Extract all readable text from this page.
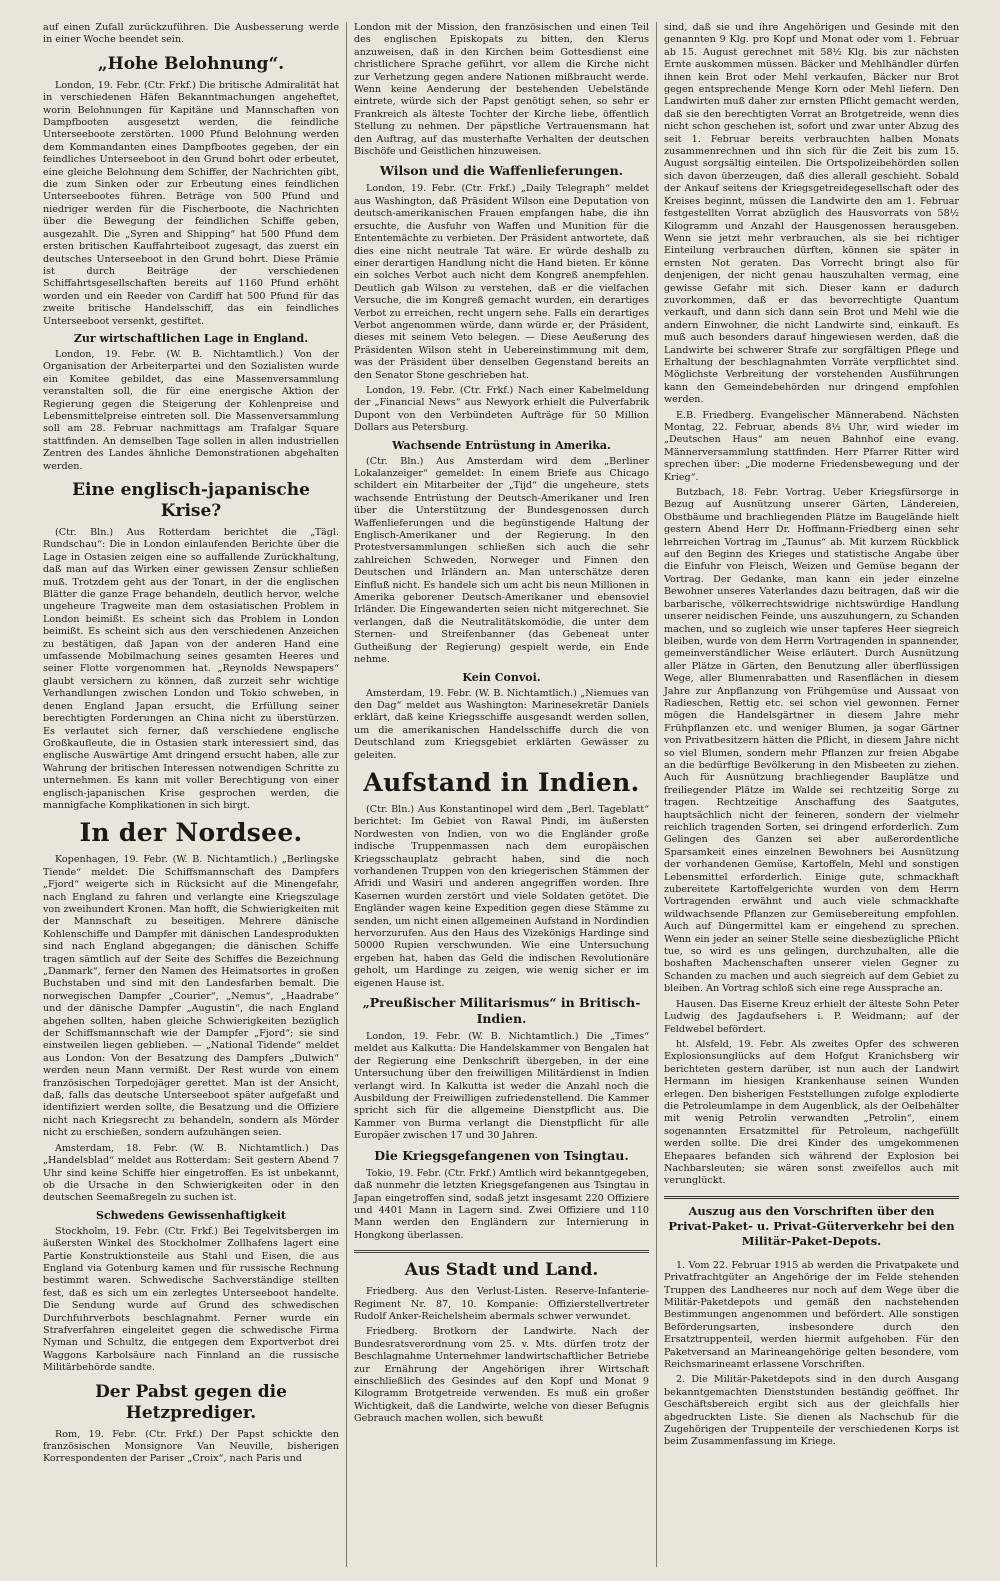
auf einen Zufall zurückzuführen. Die Ausbesserung werde in einer Woche beendet sein.

„Hohe Belohnung“.

London, 19. Febr. (Ctr. Frkf.) Die britische Admiralität hat in verschiedenen Häfen Bekanntmachungen angeheftet, worin Belohnungen für Kapitäne und Mannschaften von Dampfbooten ausgesetzt werden, die feindliche Unterseeboote zerstörten. 1000 Pfund Belohnung werden dem Kommandanten eines Dampfbootes gegeben, der ein feindliches Unterseeboot in den Grund bohrt oder erbeutet, eine gleiche Belohnung dem Schiffer, der Nachrichten gibt, die zum Sinken oder zur Erbeutung eines feindlichen Unterseebootes führen. Beträge von 500 Pfund und niedriger werden für die Fischerboote, die Nachrichten über die Bewegung der feindlichen Schiffe geben, ausgezahlt. Die „Syren and Shipping“ hat 500 Pfund dem ersten britischen Kauffahrteiboot zugesagt, das zuerst ein deutsches Unterseeboot in den Grund bohrt. Diese Prämie ist durch Beiträge der verschiedenen Schiffahrtsgesellschaften bereits auf 1160 Pfund erhöht worden und ein Reeder von Cardiff hat 500 Pfund für das zweite britische Handelsschiff, das ein feindliches Unterseeboot versenkt, gestiftet.

Zur wirtschaftlichen Lage in England.

London, 19. Febr. (W. B. Nichtamtlich.) Von der Organisation der Arbeiterpartei und den Sozialisten wurde ein Komitee gebildet, das eine Massenversammlung veranstalten soll, die für eine energische Aktion der Regierung gegen die Steigerung der Kohlenpreise und Lebensmittelpreise eintreten soll. Die Massenversammlung soll am 28. Februar nachmittags am Trafalgar Square stattfinden. An demselben Tage sollen in allen industriellen Zentren des Landes ähnliche Demonstrationen abgehalten werden.

Eine englisch-japanische Krise?

(Ctr. Bln.) Aus Rotterdam berichtet die „Tägl. Rundschau“: Die in London einlaufenden Berichte über die Lage in Ostasien zeigen eine so auffallende Zurückhaltung, daß man auf das Wirken einer gewissen Zensur schließen muß. Trotzdem geht aus der Tonart, in der die englischen Blätter die ganze Frage behandeln, deutlich hervor, welche ungeheure Tragweite man dem ostasiatischen Problem in London beimißt. Es scheint sich das Problem in London beimißt. Es scheint sich aus den verschiedenen Anzeichen zu bestätigen, daß Japan von der anderen Hand eine umfassende Mobilmachung seines gesamten Heeres und seiner Flotte vorgenommen hat. „Reynolds Newspapers“ glaubt versichern zu können, daß zurzeit sehr wichtige Verhandlungen zwischen London und Tokio schweben, in denen England Japan ersucht, die Erfüllung seiner berechtigten Forderungen an China nicht zu überstürzen. Es verlautet sich ferner, daß verschiedene englische Großkaufleute, die in Ostasien stark interessiert sind, das englische Auswärtige Amt dringend ersucht haben, alle zur Wahrung der britischen Interessen notwendigen Schritte zu unternehmen. Es kann mit voller Berechtigung von einer englisch-japanischen Krise gesprochen werden, die mannigfache Komplikationen in sich birgt.

In der Nordsee.

Kopenhagen, 19. Febr. (W. B. Nichtamtlich.) „Berlingske Tiende“ meldet: Die Schiffsmannschaft des Dampfers „Fjord“ weigerte sich in Rücksicht auf die Minengefahr, nach England zu fahren und verlangte eine Kriegszulage von zweihundert Kronen. Man hofft, die Schwierigkeiten mit der Mannschaft zu beseitigen. Mehrere dänische Kohlenschiffe und Dampfer mit dänischen Landesprodukten sind nach England abgegangen; die dänischen Schiffe tragen sämtlich auf der Seite des Schiffes die Bezeichnung „Danmark“, ferner den Namen des Heimatsortes in großen Buchstaben und sind mit den Landesfarben bemalt. Die norwegischen Dampfer „Courier“, „Nemus“, „Haadrabe“ und der dänische Dampfer „Augustin“, die nach England abgehen sollten, haben gleiche Schwierigkeiten bezüglich der Schiffsmannschaft wie der Dampfer „Fjord“; sie sind einstweilen liegen geblieben. — „National Tidende“ meldet aus London: Von der Besatzung des Dampfers „Dulwich“ werden neun Mann vermißt. Der Rest wurde von einem französischen Torpedojäger gerettet. Man ist der Ansicht, daß, falls das deutsche Unterseeboot später aufgefaßt und identifiziert werden sollte, die Besatzung und die Offiziere nicht nach Kriegsrecht zu behandeln, sondern als Mörder nicht zu erschießen, sondern aufzuhängen seien.

Amsterdam, 18. Febr. (W. B. Nichtamtlich.) Das „Handelsblad“ meldet aus Rotterdam: Seit gestern Abend 7 Uhr sind keine Schiffe hier eingetroffen. Es ist unbekannt, ob die Ursache in den Schwierigkeiten oder in den deutschen Seemaßregeln zu suchen ist.

Schwedens Gewissenhaftigkeit

Stockholm, 19. Febr. (Ctr. Frkf.) Bei Tegelvitsbergen im äußersten Winkel des Stockholmer Zollhafens lagert eine Partie Konstruktionsteile aus Stahl und Eisen, die aus England via Gotenburg kamen und für russische Rechnung bestimmt waren. Schwedische Sachverständige stellten fest, daß es sich um ein zerlegtes Unterseeboot handelte. Die Sendung wurde auf Grund des schwedischen Durchfuhrverbots beschlagnahmt. Ferner wurde ein Strafverfahren eingeleitet gegen die schwedische Firma Nyman und Schultz, die entgegen dem Exportverbot drei Waggons Karbolsäure nach Finnland an die russische Militärbehörde sandte.

Der Pabst gegen die Hetzprediger.

Rom, 19. Febr. (Ctr. Frkf.) Der Papst schickte den französischen Monsignore Van Neuville, bisherigen Korrespondenten der Pariser „Croix“, nach Paris und

London mit der Mission, den französischen und einen Teil des englischen Episkopats zu bitten, den Klerus anzuweisen, daß in den Kirchen beim Gottesdienst eine christlichere Sprache geführt, vor allem die Kirche nicht zur Verhetzung gegen andere Nationen mißbraucht werde. Wenn keine Aenderung der bestehenden Uebelstände eintrete, würde sich der Papst genötigt sehen, so sehr er Frankreich als älteste Tochter der Kirche liebe, öffentlich Stellung zu nehmen. Der päpstliche Vertrauensmann hat den Auftrag, auf das musterhafte Verhalten der deutschen Bischöfe und Geistlichen hinzuweisen.

Wilson und die Waffenlieferungen.

London, 19. Febr. (Ctr. Frkf.) „Daily Telegraph“ meldet aus Washington, daß Präsident Wilson eine Deputation von deutsch-amerikanischen Frauen empfangen habe, die ihn ersuchte, die Ausfuhr von Waffen und Munition für die Ententemächte zu verbieten. Der Präsident antwortete, daß dies eine nicht neutrale Tat wäre. Er würde deshalb zu einer derartigen Handlung nicht die Hand bieten. Er könne ein solches Verbot auch nicht dem Kongreß anempfehlen. Deutlich gab Wilson zu verstehen, daß er die vielfachen Versuche, die im Kongreß gemacht wurden, ein derartiges Verbot zu erreichen, recht ungern sehe. Falls ein derartiges Verbot angenommen würde, dann würde er, der Präsident, dieses mit seinem Veto belegen. — Diese Aeußerung des Präsidenten Wilson steht in Uebereinstimmung mit dem, was der Präsident über denselben Gegenstand bereits an den Senator Stone geschrieben hat.

London, 19. Febr. (Ctr. Frkf.) Nach einer Kabelmeldung der „Financial News“ aus Newyork erhielt die Pulverfabrik Dupont von den Verbündeten Aufträge für 50 Million Dollars aus Petersburg.

Wachsende Entrüstung in Amerika.

(Ctr. Bln.) Aus Amsterdam wird dem „Berliner Lokalanzeiger“ gemeldet: In einem Briefe aus Chicago schildert ein Mitarbeiter der „Tijd“ die ungeheure, stets wachsende Entrüstung der Deutsch-Amerikaner und Iren über die Unterstützung der Bundesgenossen durch Waffenlieferungen und die begünstigende Haltung der Englisch-Amerikaner und der Regierung. In den Protestversammlungen schließen sich auch die sehr zahlreichen Schweden, Norweger und Finnen den Deutschen und Irländern an. Man unterschätze deren Einfluß nicht. Es handele sich um acht bis neun Millionen in Amerika geborener Deutsch-Amerikaner und ebensoviel Irländer. Die Eingewanderten seien nicht mitgerechnet. Sie verlangen, daß die Neutralitätskomödie, die unter dem Sternen- und Streifenbanner (das Gebeneat unter Gutheißung der Regierung) gespielt werde, ein Ende nehme.

Kein Convoi.

Amsterdam, 19. Febr. (W. B. Nichtamtlich.) „Niemues van den Dag“ meldet aus Washington: Marinesekretär Daniels erklärt, daß keine Kriegsschiffe ausgesandt werden sollen, um die amerikanischen Handelsschiffe durch die von Deutschland zum Kriegsgebiet erklärten Gewässer zu geleiten.

Aufstand in Indien.

(Ctr. Bln.) Aus Konstantinopel wird dem „Berl. Tageblatt“ berichtet: Im Gebiet von Rawal Pindi, im äußersten Nordwesten von Indien, von wo die Engländer große indische Truppenmassen nach dem europäischen Kriegsschauplatz gebracht haben, sind die noch vorhandenen Truppen von den kriegerischen Stämmen der Afridi und Wasiri und anderen angegriffen worden. Ihre Kasernen wurden zerstört und viele Soldaten getötet. Die Engländer wagen keine Expedition gegen diese Stämme zu senden, um nicht einen allgemeinen Aufstand in Nordindien hervorzurufen. Aus den Haus des Vizekönigs Hardinge sind 50000 Rupien verschwunden. Wie eine Untersuchung ergeben hat, haben das Geld die indischen Revolutionäre geholt, um Hardinge zu zeigen, wie wenig sicher er im eigenen Hause ist.

„Preußischer Militarismus“ in Britisch-Indien.

London, 19. Febr. (W. B. Nichtamtlich.) Die „Times“ meldet aus Kalkutta: Die Handelskammer von Bengalen hat der Regierung eine Denkschrift übergeben, in der eine Untersuchung über den freiwilligen Militärdienst in Indien verlangt wird. In Kalkutta ist weder die Anzahl noch die Ausbildung der Freiwilligen zufriedenstellend. Die Kammer spricht sich für die allgemeine Dienstpflicht aus. Die Kammer von Burma verlangt die Dienstpflicht für alle Europäer zwischen 17 und 30 Jahren.

Die Kriegsgefangenen von Tsingtau.

Tokio, 19. Febr. (Ctr. Frkf.) Amtlich wird bekanntgegeben, daß nunmehr die letzten Kriegsgefangenen aus Tsingtau in Japan eingetroffen sind, sodaß jetzt insgesamt 220 Offiziere und 4401 Mann in Lagern sind. Zwei Offiziere und 110 Mann werden den Engländern zur Internierung in Hongkong überlassen.

Aus Stadt und Land.

Friedberg. Aus den Verlust-Listen. Reserve-Infanterie-Regiment Nr. 87, 10. Kompanie: Offizierstellvertreter Rudolf Anker-Reichelsheim abermals schwer verwundet.

Friedberg. Brotkorn der Landwirte. Nach der Bundesratsverordnung vom 25. v. Mts. dürfen trotz der Beschlagnahme Unternehmer landwirtschaftlicher Betriebe zur Ernährung der Angehörigen ihrer Wirtschaft einschließlich des Gesindes auf den Kopf und Monat 9 Kilogramm Brotgetreide verwenden. Es muß ein großer Wichtigkeit, daß die Landwirte, welche von dieser Befugnis Gebrauch machen wollen, sich bewußt

sind, daß sie und ihre Angehörigen und Gesinde mit den genannten 9 Klg. pro Kopf und Monat oder vom 1. Februar ab 15. August gerechnet mit 58½ Klg. bis zur nächsten Ernte auskommen müssen. Bäcker und Mehlhändler dürfen ihnen kein Brot oder Mehl verkaufen, Bäcker nur Brot gegen entsprechende Menge Korn oder Mehl liefern. Den Landwirten muß daher zur ernsten Pflicht gemacht werden, daß sie den berechtigten Vorrat an Brotgetreide, wenn dies nicht schon geschehen ist, sofort und zwar unter Abzug des seit 1. Februar bereits verbrauchten halben Monats zusammenrechnen und ihn sich für die Zeit bis zum 15. August sorgsältig einteilen. Die Ortspolizeibehörden sollen sich davon überzeugen, daß dies allerall geschieht. Sobald der Ankauf seitens der Kriegsgetreidegesellschaft oder des Kreises beginnt, müssen die Landwirte den am 1. Februar festgestellten Vorrat abzüglich des Hausvorrats von 58½ Kilogramm und Anzahl der Hausgenossen herausgeben. Wenn sie jetzt mehr verbrauchen, als sie bei richtiger Einteilung verbrauchen dürften, können sie später in ernsten Not geraten. Das Vorrecht bringt also für denjenigen, der nicht genau hauszuhalten vermag, eine gewisse Gefahr mit sich. Dieser kann er dadurch zuvorkommen, daß er das bevorrechtigte Quantum verkauft, und dann sich dann sein Brot und Mehl wie die andern Einwohner, die nicht Landwirte sind, einkauft. Es muß auch besonders darauf hingewiesen werden, daß die Landwirte bei schwerer Strafe zur sorgfältigen Pflege und Erhaltung der beschlagnahmten Vorräte verpflichtet sind. Möglichste Verbreitung der vorstehenden Ausführungen kann den Gemeindebehörden nur dringend empfohlen werden.

E.B. Friedberg. Evangelischer Männerabend. Nächsten Montag, 22. Februar, abends 8½ Uhr, wird wieder im „Deutschen Haus“ am neuen Bahnhof eine evang. Männerversammlung stattfinden. Herr Pfarrer Ritter wird sprechen über: „Die moderne Friedensbewegung und der Krieg“.

Butzbach, 18. Febr. Vortrag. Ueber Kriegsfürsorge in Bezug auf Ausnützung unserer Gärten, Ländereien, Obstbäume und brachliegenden Plätze im Baugelände hielt gestern Abend Herr Dr. Hoffmann-Friedberg einen sehr lehrreichen Vortrag im „Taunus“ ab. Mit kurzem Rückblick auf den Beginn des Krieges und statistische Angabe über die Einfuhr von Fleisch, Weizen und Gemüse begann der Vortrag. Der Gedanke, man kann ein jeder einzelne Bewohner unseres Vaterlandes dazu beitragen, daß wir die barbarische, völkerrechtswidrige nichtswürdige Handlung unserer neidischen Feinde, uns auszuhungern, zu Schanden machen, und so zugleich wie unser tapferes Heer siegreich bleiben, wurde von dem Herrn Vortragenden in spannender, gemeinverständlicher Weise erläutert. Durch Ausnützung aller Plätze in Gärten, den Benutzung aller überflüssigen Wege, aller Blumenrabatten und Rasenflächen in diesem Jahre zur Anpflanzung von Frühgemüse und Aussaat von Radieschen, Rettig etc. sei schon viel gewonnen. Ferner mögen die Handelsgärtner in diesem Jahre mehr Frühpflanzen etc. und weniger Blumen, ja sogar Gärtner von Privatbesitzern hätten die Pflicht, in diesem Jahre nicht so viel Blumen, sondern mehr Pflanzen zur freien Abgabe an die bedürftige Bevölkerung in den Misbeeten zu ziehen. Auch für Ausnützung brachliegender Bauplätze und freiliegender Plätze im Walde sei rechtzeitig Sorge zu tragen. Rechtzeitige Anschaffung des Saatgutes, hauptsächlich nicht der feineren, sondern der vielmehr reichlich tragenden Sorten, sei dringend erforderlich. Zum Gelingen des Ganzen sei aber außerordentliche Sparsamkeit eines einzelnen Bewohners bei Ausnützung der vorhandenen Gemüse, Kartoffeln, Mehl und sonstigen Lebensmittel erforderlich. Einige gute, schmackhaft zubereitete Kartoffelgerichte wurden von dem Herrn Vortragenden erwähnt und auch viele schmackhafte wildwachsende Pflanzen zur Gemüsebereitung empfohlen. Auch auf Düngermittel kam er eingehend zu sprechen. Wenn ein jeder an seiner Stelle seine diesbezügliche Pflicht tue, so wird es uns gelingen, durchzuhalten, alle die boshaften Machenschaften unserer vielen Gegner zu Schanden zu machen und auch siegreich auf dem Gebiet zu bleiben. An Vortrag schloß sich eine rege Aussprache an.

Hausen. Das Eiserne Kreuz erhielt der älteste Sohn Peter Ludwig des Jagdaufsehers i. P. Weidmann; auf der Feldwebel befördert.

ht. Alsfeld, 19. Febr. Als zweites Opfer des schweren Explosionsunglücks auf dem Hofgut Kranichsberg wir berichteten gestern darüber, ist nun auch der Landwirt Hermann im hiesigen Krankenhause seinen Wunden erlegen. Den bisherigen Feststellungen zufolge explodierte die Petroleumlampe in dem Augenblick, als der Oelbehälter mit wenig Petrolin verwandten „Petrolin“, einem sogenannten Ersatzmittel für Petroleum, nachgefüllt werden sollte. Die drei Kinder des umgekommenen Ehepaares befanden sich während der Explosion bei Nachbarsleuten; sie wären sonst zweifellos auch mit verunglückt.

Auszug aus den Vorschriften über den Privat-Paket- u. Privat-Güterverkehr bei den Militär-Paket-Depots.

1. Vom 22. Februar 1915 ab werden die Privatpakete und Privatfrachtgüter an Angehörige der im Felde stehenden Truppen des Landheeres nur noch auf dem Wege über die Militär-Paketdepots und gemäß den nachstehenden Bestimmungen angenommen und befördert. Alle sonstigen Beförderungsarten, insbesondere durch den Ersatztruppenteil, werden hiermit aufgehoben. Für den Paketversand an Marineangehörige gelten besondere, vom Reichsmarineamt erlassene Vorschriften.

2. Die Militär-Paketdepots sind in den durch Ausgang bekanntgemachten Dienststunden beständig geöffnet. Ihr Geschäftsbereich ergibt sich aus der gleichfalls hier abgedruckten Liste. Sie dienen als Nachschub für die Zugehörigen der Truppenteile der verschiedenen Korps ist beim Zusammenfassung im Kriege.
